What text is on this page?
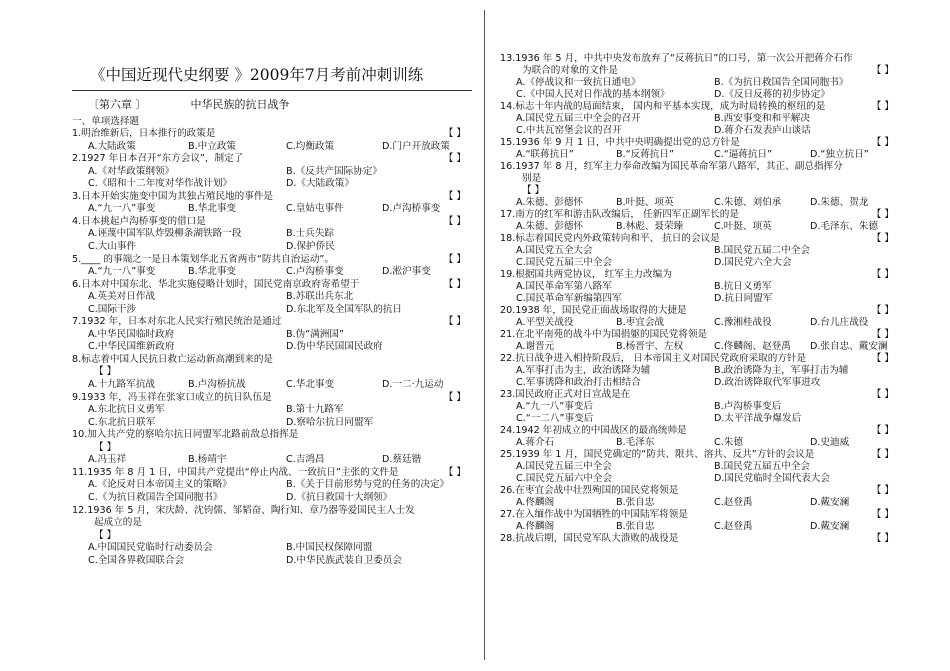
《中国近现代史纲要 》2009年7月考前冲刺训练
〔第六章 〕	中华民族的抗日战争
一、单项选择题
1.明治维新后，日本推行的政策是	【 】
A.大陆政策	B.中立政策	C.均衡政策	D.门户开放政策
2.1927 年日本召开“东方会议”，制定了	【 】
A.《对华政策纲领》	B.《反共产国际协定》
C.《昭和十二年度对华作战计划》	D.《大陆政策》
3.日本开始实施变中国为其独占殖民地的事件是	【 】
A.“九一八”事变	B.华北事变	C.皇姑屯事件	D.卢沟桥事变
4.日本挑起卢沟桥事变的借口是	【 】
A.诬蔑中国军队炸毁柳条湖铁路一段	B.士兵失踪
C.大山事件	D.保护侨民
5.____ 的事端之一是日本策划华北五省两市“防共自治运动”。	【 】
A.“九一八”事变	B.华北事变	C.卢沟桥事变	D.淞沪事变
6.日本对中国东北、华北实施侵略计划时，国民党南京政府寄希望于	【 】
A.英美对日作战	B.苏联出兵东北
C.国际干涉	D.东北军及全国军队的抗日
7.1932 年，日本对东北人民实行殖民统治是通过	【 】
A.中华民国临时政府	B.伪“满洲国”
C.中华民国维新政府	D.伪中华民国国民政府
8.标志着中国人民抗日救亡运动新高潮到来的是
【 】
A.十九路军抗战	B.卢沟桥抗战	C.华北事变	D.一二·九运动
9.1933 年，冯玉祥在张家口成立的抗日队伍是	【 】
A.东北抗日义勇军	B.第十九路军
C.东北抗日联军	D.察哈尔抗日同盟军
10.加入共产党的察哈尔抗日同盟军北路前敌总指挥是
【 】
A.冯玉祥	B.杨靖宇	C.吉鸿昌	D.蔡廷锴
11.1935 年 8 月 1 日，中国共产党提出“停止内战、一致抗日”主张的文件是	【 】
A.《论反对日本帝国主义的策略》	B.《关于目前形势与党的任务的决定》
C.《为抗日救国告全国同胞书》	D.《抗日救国十大纲领》
12.1936 年 5 月，宋庆龄、沈钧儒、邹韬奋、陶行知、章乃器等爱国民主人士发
起成立的是
【 】
A.中国国民党临时行动委员会	B.中国民权保障同盟
C.全国各界救国联合会	D.中华民族武装自卫委员会
13.1936 年 5 月，中共中央发布放弃了“反蒋抗日”的口号，第一次公开把蒋介石作
为联合的对象的文件是	【 】
A.《停战议和一致抗日通电》	B.《为抗日救国告全国同胞书》
C.《中国人民对日作战的基本纲领》	D.《反日反蒋的初步协定》
14.标志十年内战的局面结束， 国内和平基本实现，成为时局转换的枢纽的是	【 】
A.国民党五届三中全会的召开	B.西安事变和和平解决
C.中共瓦窑堡会议的召开	D.蒋介石发表庐山谈话
15.1936 年 9 月 1 日，中共中央明确提出党的总方针是	【 】
A.“联蒋抗日”	B.“反蒋抗日”	C.“逼蒋抗日”	D.“独立抗日”
16.1937 年 8 月，红军主力奉命改编为国民革命军第八路军，其正、副总指挥分
别是
【 】
A.朱德、彭德怀	B.叶挺、项英	C.朱德、刘伯承	D.朱德、贺龙
17.南方的红军和游击队改编后， 任新四军正副军长的是	【 】
A.朱德、彭德怀	B.林彪、聂荣臻	C.叶挺、项英	D.毛泽东、朱德
18.标志着国民党内外政策转向和平、 抗日的会议是	【 】
A.国民党五全大会	B.国民党五届二中全会
C.国民党五届三中全会	D.国民党六全大会
19.根据国共两党协议， 红军主力改编为	【 】
A.国民革命军第八路军	B.抗日义勇军
C.国民革命军新编第四军	D.抗日同盟军
20.1938 年，国民党正面战场取得的大捷是	【 】
A.平型关战役	B.枣宜会战	C.豫湘桂战役	D.台儿庄战役
21.在北平南苑的战斗中为国捐躯的国民党将领是	【 】
A.谢晋元	B.杨晋宇、左权	C.佟麟阁、赵登禹 D.张自忠、戴安澜
22.抗日战争进入相持阶段后， 日本帝国主义对国民党政府采取的方针是	【 】
A.军事打击为主，政治诱降为辅	B.政治诱降为主，军事打击为辅
C.军事诱降和政治打击相结合	D.政治诱降取代军事进攻
23.国民政府正式对日宣战是在	【 】
A.“九一八”事变后	B.卢沟桥事变后
C.“一二八”事变后	D.太平洋战争爆发后
24.1942 年初成立的中国战区的最高统帅是	【 】
A.蒋介石	B.毛泽东	C.朱德	D.史迪威
25.1939 年 1 月，国民党确定的“防共、限共、溶共、反共”方针的会议是	【 】
A.国民党五届三中全会	B.国民党五届五中全会
C.国民党五届六中全会	D.国民党临时全国代表大会
26.在枣宜会战中壮烈殉国的国民党将领是	【 】
A.佟麟阁	B.张自忠	C.赵登禹	D.戴安澜
27.在入缅作战中为国牺牲的中国陆军将领是	【 】
A.佟麟阁	B.张自忠	C.赵登禹	D.戴安澜
28.抗战后期，国民党军队大溃败的战役是	【 】
